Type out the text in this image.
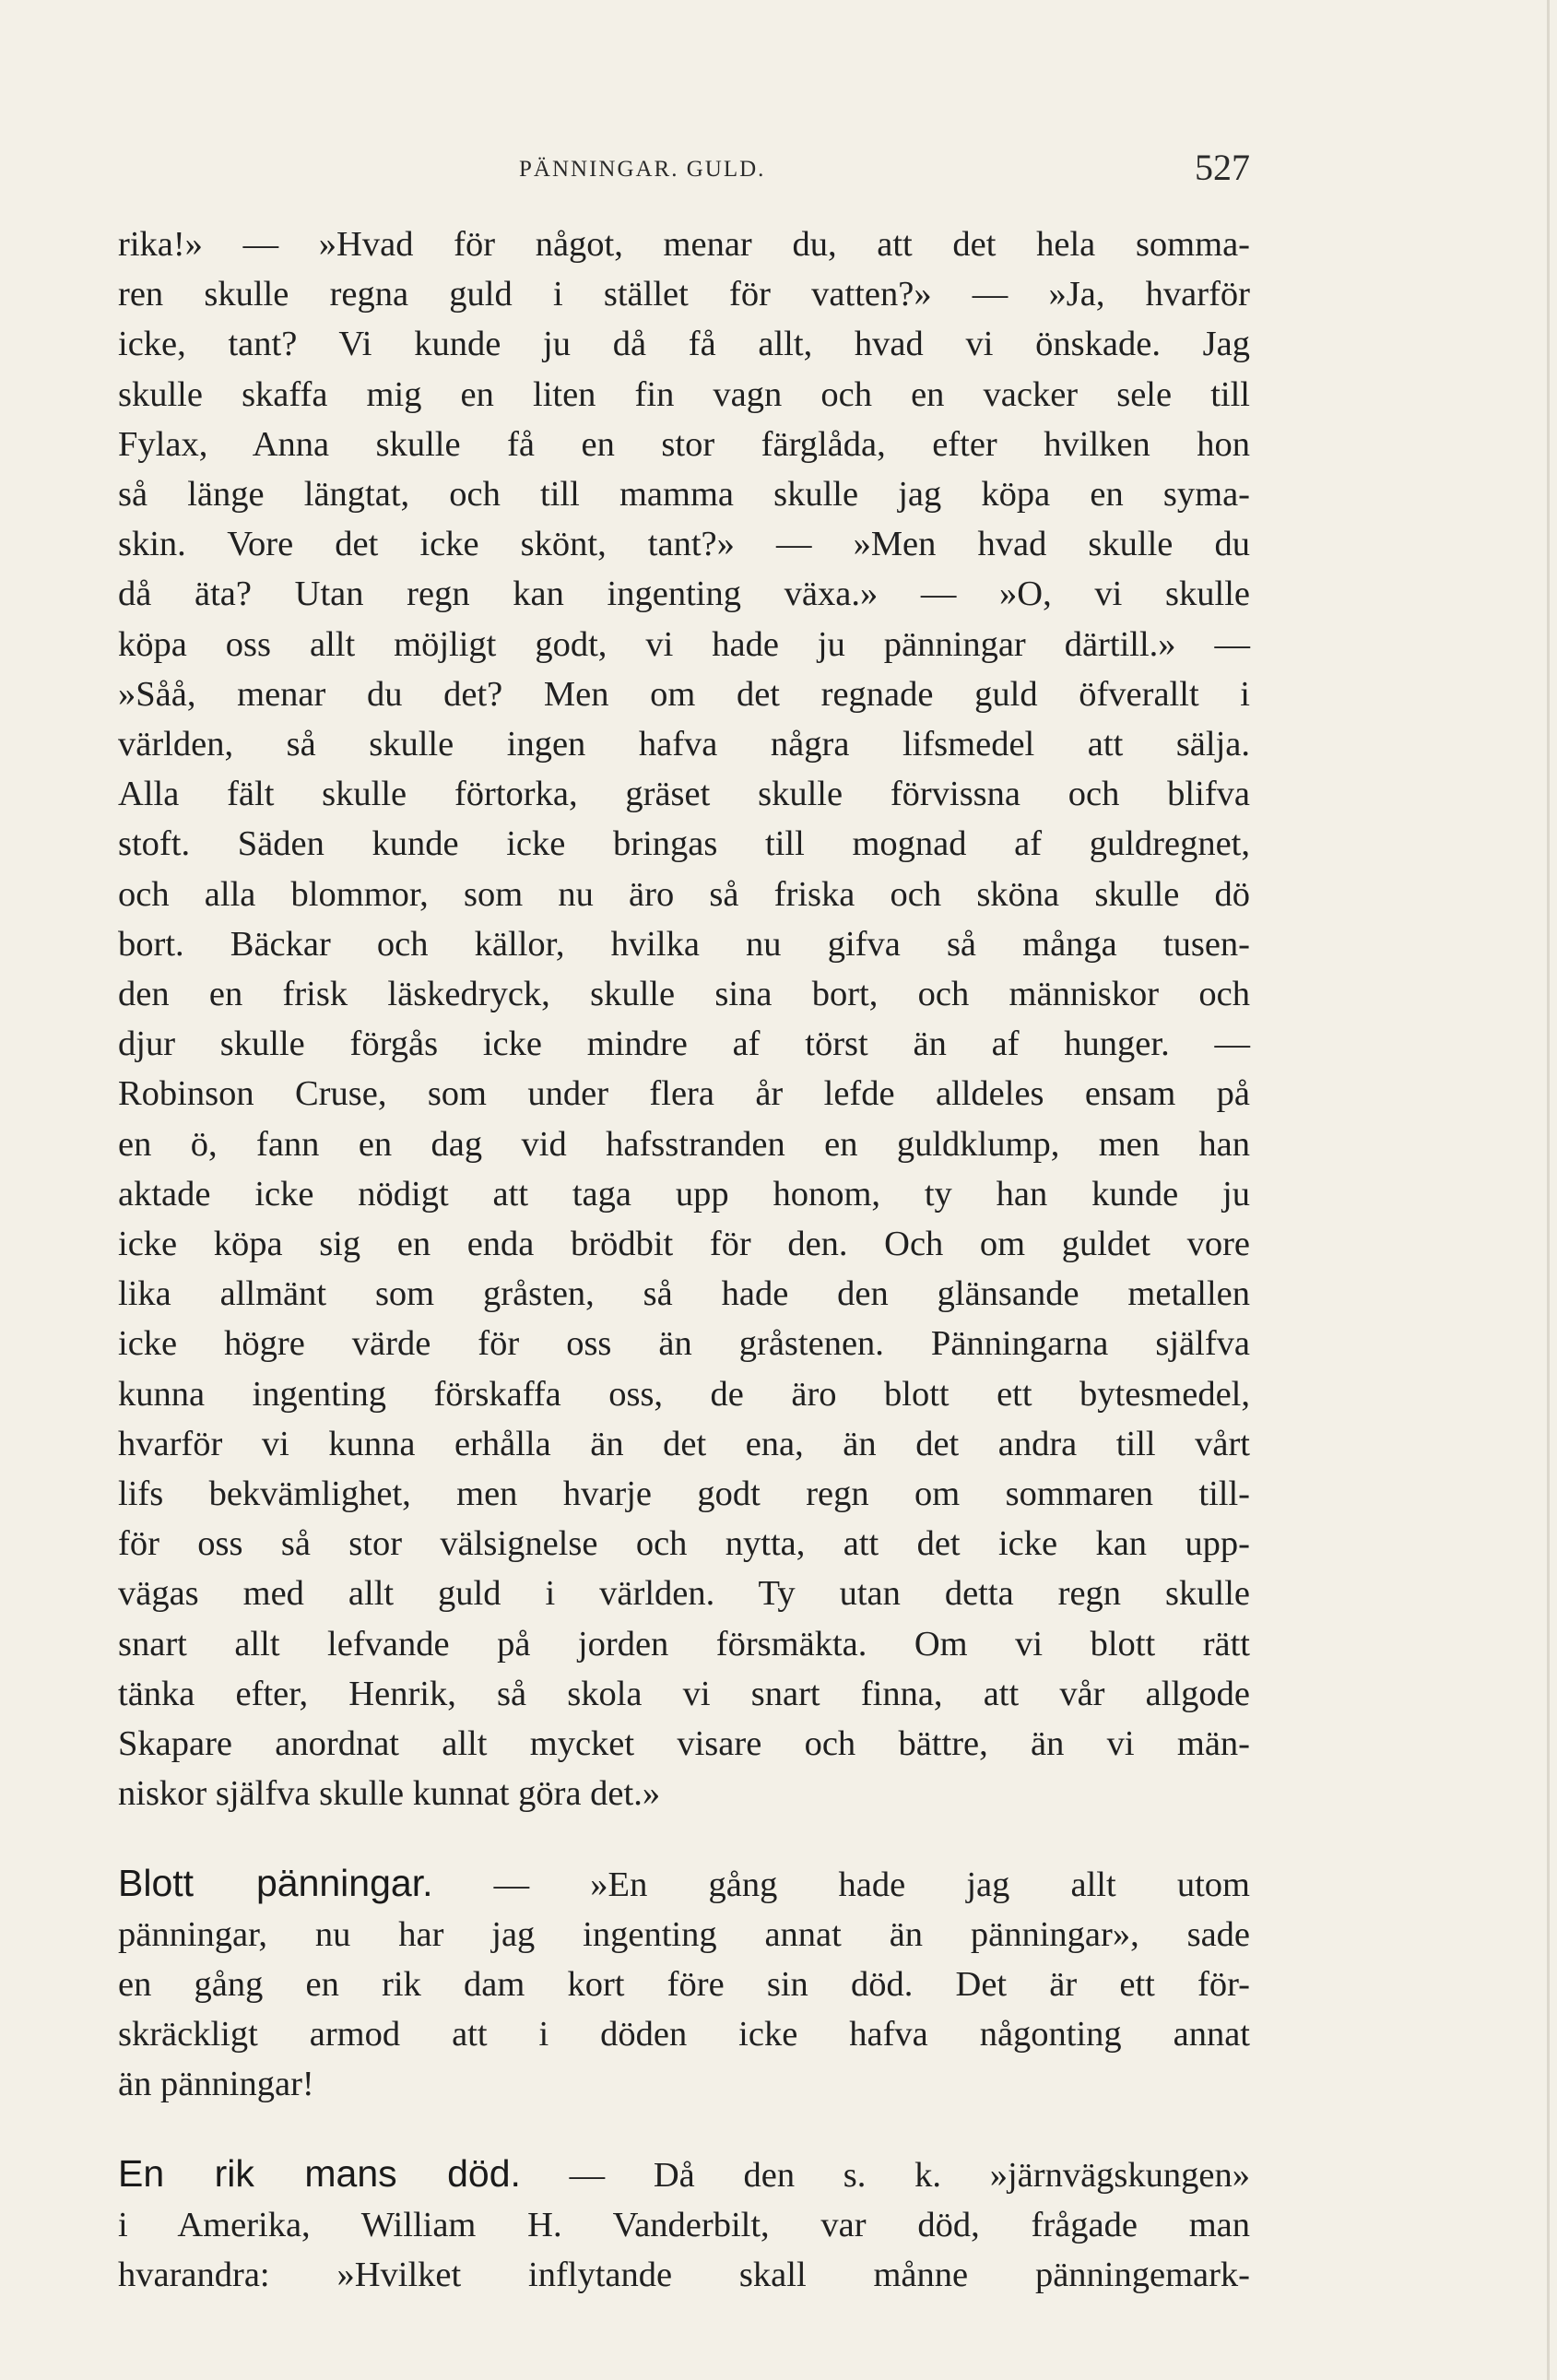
PÄNNINGAR. GULD.	527
rika!» — »Hvad för något, menar du, att det hela somma-
ren skulle regna guld i stället för vatten?» — »Ja, hvarför
icke, tant? Vi kunde ju då få allt, hvad vi önskade. Jag
skulle skaffa mig en liten fin vagn och en vacker sele till
Fylax, Anna skulle få en stor färglåda, efter hvilken hon
så länge längtat, och till mamma skulle jag köpa en syma-
skin. Vore det icke skönt, tant?» — »Men hvad skulle du
då äta? Utan regn kan ingenting växa.» — »O, vi skulle
köpa oss allt möjligt godt, vi hade ju pänningar därtill.» —
»Såå, menar du det? Men om det regnade guld öfverallt i
världen, så skulle ingen hafva några lifsmedel att sälja.
Alla fält skulle förtorka, gräset skulle förvissna och blifva
stoft. Säden kunde icke bringas till mognad af guldregnet,
och alla blommor, som nu äro så friska och sköna skulle dö
bort. Bäckar och källor, hvilka nu gifva så många tusen-
den en frisk läskedryck, skulle sina bort, och människor och
djur skulle förgås icke mindre af törst än af hunger. —
Robinson Cruse, som under flera år lefde alldeles ensam på
en ö, fann en dag vid hafsstranden en guldklump, men han
aktade icke nödigt att taga upp honom, ty han kunde ju
icke köpa sig en enda brödbit för den. Och om guldet vore
lika allmänt som gråsten, så hade den glänsande metallen
icke högre värde för oss än gråstenen. Pänningarna själfva
kunna ingenting förskaffa oss, de äro blott ett bytesmedel,
hvarför vi kunna erhålla än det ena, än det andra till vårt
lifs bekvämlighet, men hvarje godt regn om sommaren till-
för oss så stor välsignelse och nytta, att det icke kan upp-
vägas med allt guld i världen. Ty utan detta regn skulle
snart allt lefvande på jorden försmäkta. Om vi blott rätt
tänka efter, Henrik, så skola vi snart finna, att vår allgode
Skapare anordnat allt mycket visare och bättre, än vi män-
niskor själfva skulle kunnat göra det.»
Blott pänningar. — »En gång hade jag allt utom
pänningar, nu har jag ingenting annat än pänningar», sade
en gång en rik dam kort före sin död. Det är ett för-
skräckligt armod att i döden icke hafva någonting annat
än pänningar!
En rik mans död. — Då den s. k. »järnvägskungen»
i Amerika, William H. Vanderbilt, var död, frågade man
hvarandra: »Hvilket inflytande skall månne pänningemark-
